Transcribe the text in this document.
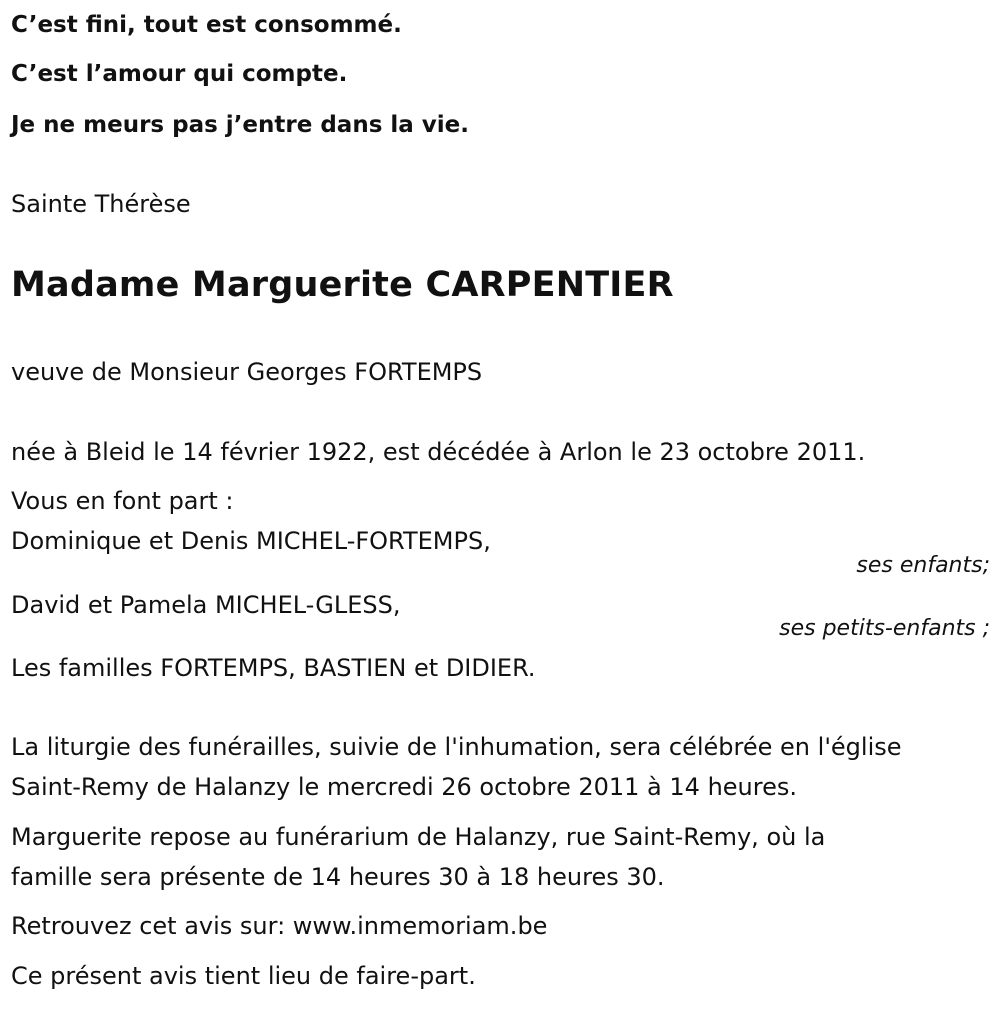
C’est fini, tout est consommé.
C’est l’amour qui compte.
Je ne meurs pas j’entre dans la vie.
Sainte Thérèse
Madame Marguerite CARPENTIER
veuve de Monsieur Georges FORTEMPS
née à Bleid le 14 février 1922, est décédée à Arlon le 23 octobre 2011.
Vous en font part :
Dominique et Denis MICHEL-FORTEMPS,
ses enfants;
David et Pamela MICHEL-GLESS,
ses petits-enfants ;
Les familles FORTEMPS, BASTIEN et DIDIER.
La liturgie des funérailles, suivie de l'inhumation, sera célébrée en l'église
Saint-Remy de Halanzy le mercredi 26 octobre 2011 à 14 heures.
Marguerite repose au funérarium de Halanzy, rue Saint-Remy, où la
famille sera présente de 14 heures 30 à 18 heures 30.
Retrouvez cet avis sur: www.inmemoriam.be
Ce présent avis tient lieu de faire-part.
